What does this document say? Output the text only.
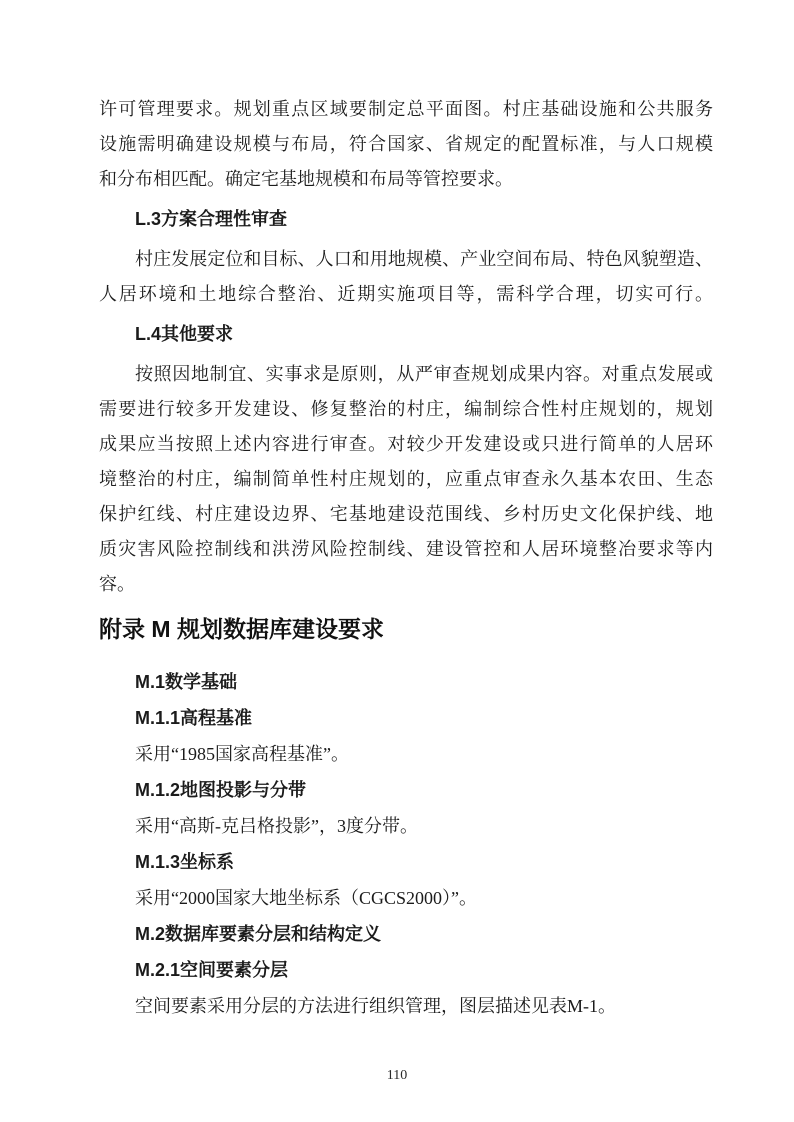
许可管理要求。规划重点区域要制定总平面图。村庄基础设施和公共服务
设施需明确建设规模与布局，符合国家、省规定的配置标准，与人口规模
和分布相匹配。确定宅基地规模和布局等管控要求。
L.3方案合理性审查
村庄发展定位和目标、人口和用地规模、产业空间布局、特色风貌塑造、
人居环境和土地综合整治、近期实施项目等，需科学合理，切实可行。
L.4其他要求
按照因地制宜、实事求是原则，从严审查规划成果内容。对重点发展或
需要进行较多开发建设、修复整治的村庄，编制综合性村庄规划的，规划
成果应当按照上述内容进行审查。对较少开发建设或只进行简单的人居环
境整治的村庄，编制简单性村庄规划的，应重点审查永久基本农田、生态
保护红线、村庄建设边界、宅基地建设范围线、乡村历史文化保护线、地
质灾害风险控制线和洪涝风险控制线、建设管控和人居环境整冶要求等内
容。
附录 M 规划数据库建设要求
M.1数学基础
M.1.1高程基准
采用“1985国家高程基准”。
M.1.2地图投影与分带
采用“高斯-克吕格投影”，3度分带。
M.1.3坐标系
采用“2000国家大地坐标系（CGCS2000）”。
M.2数据库要素分层和结构定义
M.2.1空间要素分层
空间要素采用分层的方法进行组织管理，图层描述见表M-1。
110
